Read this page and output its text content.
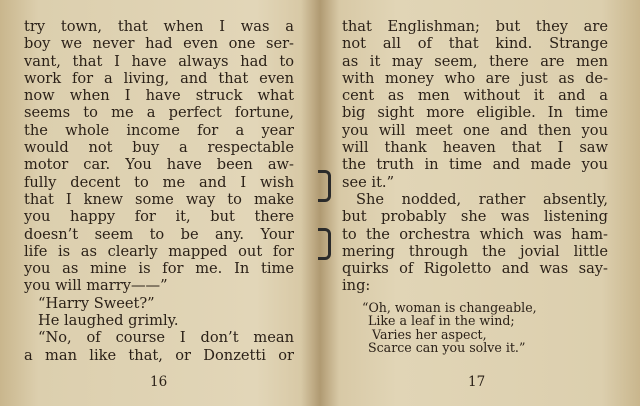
try town, that when I was a
boy we never had even one ser-
vant, that I have always had to
work for a living, and that even
now when I have struck what
seems to me a perfect fortune,
the whole income for a year
would not buy a respectable
motor car. You have been aw-
fully decent to me and I wish
that I knew some way to make
you happy for it, but there
doesn’t seem to be any. Your
life is as clearly mapped out for
you as mine is for me. In time
you will marry——”
“Harry Sweet?”
He laughed grimly.
“No, of course I don’t mean
a man like that, or Donzetti or
that Englishman; but they are
not all of that kind. Strange
as it may seem, there are men
with money who are just as de-
cent as men without it and a
big sight more eligible. In time
you will meet one and then you
will thank heaven that I saw
the truth in time and made you
see it.”
She nodded, rather absently,
but probably she was listening
to the orchestra which was ham-
mering through the jovial little
quirks of Rigoletto and was say-
ing:
“Oh, woman is changeable,
Like a leaf in the wind;
Varies her aspect,
Scarce can you solve it.”
16	17
